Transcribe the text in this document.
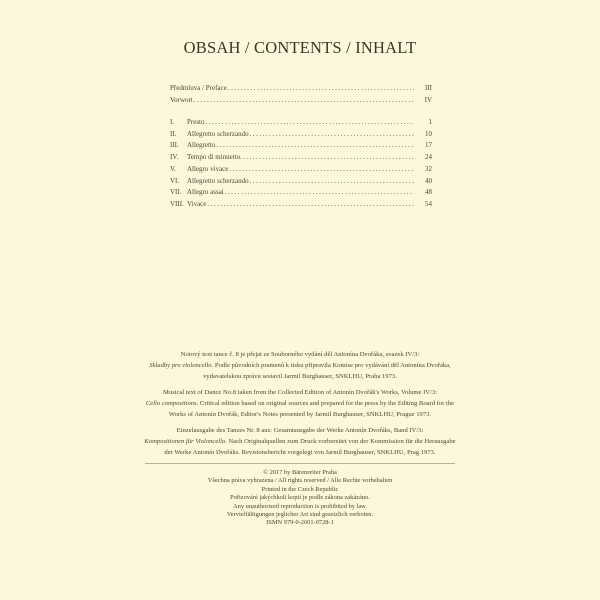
OBSAH / CONTENTS / INHALT
Předmluva / Preface .....	III
Vorwort .....	IV
I.	Presto .....	1
II.	Allegretto scherzando .....	10
III.	Allegretto .....	17
IV.	Tempo di minuetto. .....	24
V.	Allegro vivace .....	32
VI.	Allegretto scherzando .....	40
VII. Allegro assai .....	48
VIII. Vivace .....	54

Notový text tance č. 8 je přejat ze Souborného vydání děl Antonína Dvořáka, svazek IV/3:
Skladby pro violoncello. Podle původních pramenů k tisku připravila Komise pro vydávání děl Antonína Dvořáka, vydavatelskou zprávu sestavil Jarmil Burghauser, SNKLHU, Praha 1973.

Musical text of Dance No.8 taken from the Collected Edition of Antonín Dvořák's Works, Volume IV/3:
Cello compositions. Critical edition based on original sources and prepared for the press by the Editing Board for the Works of Antonín Dvořák, Editor's Notes presented by Jarmil Burghauser, SNKLHU, Prague 1973.

Einzelausgabe des Tanzes Nr. 8 aus: Gesamtausgabe der Werke Antonín Dvořáks, Band IV/3:
Kompositionen für Violoncello. Nach Originalquellen zum Druck vorbereitet von der Kommission für die Herausgabe der Werke Antonín Dvořáks. Revisionsbericht vorgelegt von Jarmil Burghauser, SNKLHU, Prag 1973.

© 2017 by Bärenreiter Praha
Všechna práva vyhrazena / All rights reserved / Alle Rechte vorbehalten
Printed in the Czech Republic
Pořizování jakýchkoli kopií je podle zákona zakázáno.
Any unauthorized reproduction is prohibited by law.
Vervielfältigungen jeglicher Art sind gesetzlich verboten.
ISMN 979-0-2601-0728-1
